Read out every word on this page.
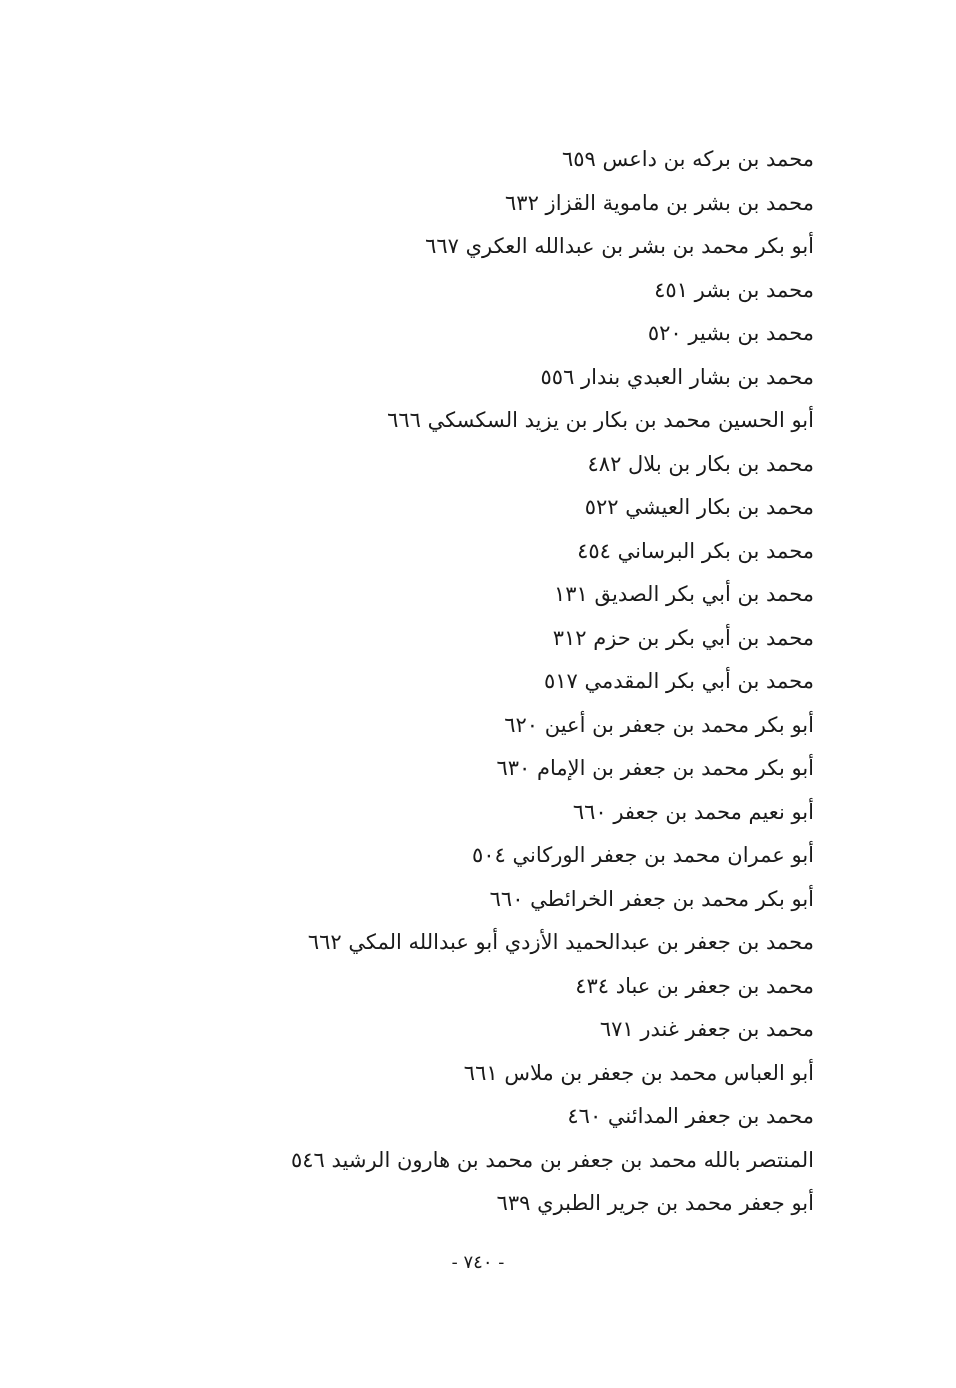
محمد بن بركه بن داعس ٦٥٩
محمد بن بشر بن ماموية القزاز ٦٣٢
أبو بكر محمد بن بشر بن عبدالله العكري ٦٦٧
محمد بن بشر ٤٥١
محمد بن بشير ٥٢٠
محمد بن بشار العبدي بندار ٥٥٦
أبو الحسين محمد بن بكار بن يزيد السكسكي ٦٦٦
محمد بن بكار بن بلال ٤٨٢
محمد بن بكار العيشي ٥٢٢
محمد بن بكر البرساني ٤٥٤
محمد بن أبي بكر الصديق ١٣١
محمد بن أبي بكر بن حزم ٣١٢
محمد بن أبي بكر المقدمي ٥١٧
أبو بكر محمد بن جعفر بن أعين ٦٢٠
أبو بكر محمد بن جعفر بن الإمام ٦٣٠
أبو نعيم محمد بن جعفر ٦٦٠
أبو عمران محمد بن جعفر الوركاني ٥٠٤
أبو بكر محمد بن جعفر الخرائطي ٦٦٠
محمد بن جعفر بن عبدالحميد الأزدي أبو عبدالله المكي ٦٦٢
محمد بن جعفر بن عباد ٤٣٤
محمد بن جعفر غندر ٦٧١
أبو العباس محمد بن جعفر بن ملاس ٦٦١
محمد بن جعفر المدائني ٤٦٠
المنتصر بالله محمد بن جعفر بن محمد بن هارون الرشيد ٥٤٦
أبو جعفر محمد بن جرير الطبري ٦٣٩
- ٧٤٠ -
